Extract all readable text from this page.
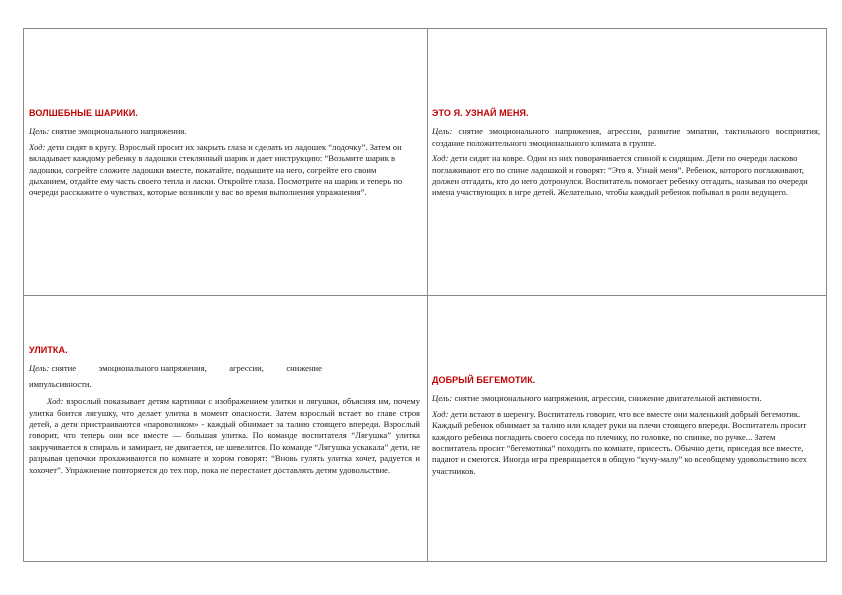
ВОЛШЕБНЫЕ ШАРИКИ.

Цель: снятие эмоционального напряжения.

Ход: дети сидят в кругу. Взрослый просит их закрыть глаза и сделать из ладошек “лодочку”. Затем он вкладывает каждому ребенку в ладошки стеклянный шарик и дает инструкцию: “Возьмите шарик в ладошки, согрейте сложите ладошки вместе, покатайте, подышите на него, согрейте его своим дыханием, отдайте ему часть своего тепла и ласки. Откройте глаза. Посмотрите на шарик и теперь по очереди расскажите о чувствах, которые возникли у вас во время выполнения упражнения”.

ЭТО Я. УЗНАЙ МЕНЯ.

Цель: снятие эмоционального напряжения, агрессии, развитие эмпатии, тактильного восприятия, создание положительного эмоционального климата в группе.

Ход: дети сидят на ковре. Один из них поворачивается спиной к сидящим. Дети по очереди ласково поглаживают его по спине ладошкой и говорят: “Это я. Узнай меня”. Ребенок, которого поглаживают, должен отгадать, кто до него дотронулся. Воспитатель помогает ребенку отгадать, называя по очереди имена участвующих в игре детей. Желательно, чтобы каждый ребенок побывал в роли ведущего.

УЛИТКА.

Цель: снятие	эмоционального напряжения,	агрессии,	снижение

импульсивности.

Ход: взрослый показывает детям картинки с изображением улитки и лягушки, объясняя им, почему улитка боится лягушку, что делает улитка в момент опасности. Затем взрослый встает во главе строя детей, а дети пристраиваются «паровозиком» - каждый обнимает за талию стоящего впереди. Взрослый говорит, что теперь они все вместе — большая улитка. По команде воспитателя “Лягушка” улитка закручивается в спираль и замирает, не двигается, не шевелится. По команде “Лягушка ускакала” дети, не разрывая цепочки прохаживаются по комнате и хором говорят: “Вновь гулять улитка хочет, радуется и хохочет”. Упражнение повторяется до тех пор, пока не перестанет доставлять детям удовольствие.

ДОБРЫЙ БЕГЕМОТИК.

Цель: снятие эмоционального напряжения, агрессии, снижение двигательной активности.

Ход: дети встают в шеренгу. Воспитатель говорит, что все вместе они маленький добрый бегемотик. Каждый ребенок обнимает за талию или кладет руки на плечи стоящего впереди. Воспитатель просит каждого ребенка погладить своего соседа по плечику, по головке, по спинке, по ручке... Затем воспитатель просит “бегемотика” походить по комнате, присесть. Обычно дети, приседая все вместе, падают и смеются. Иногда игра превращается в общую “кучу-малу” ко всеобщему удовольствию всех участников.
